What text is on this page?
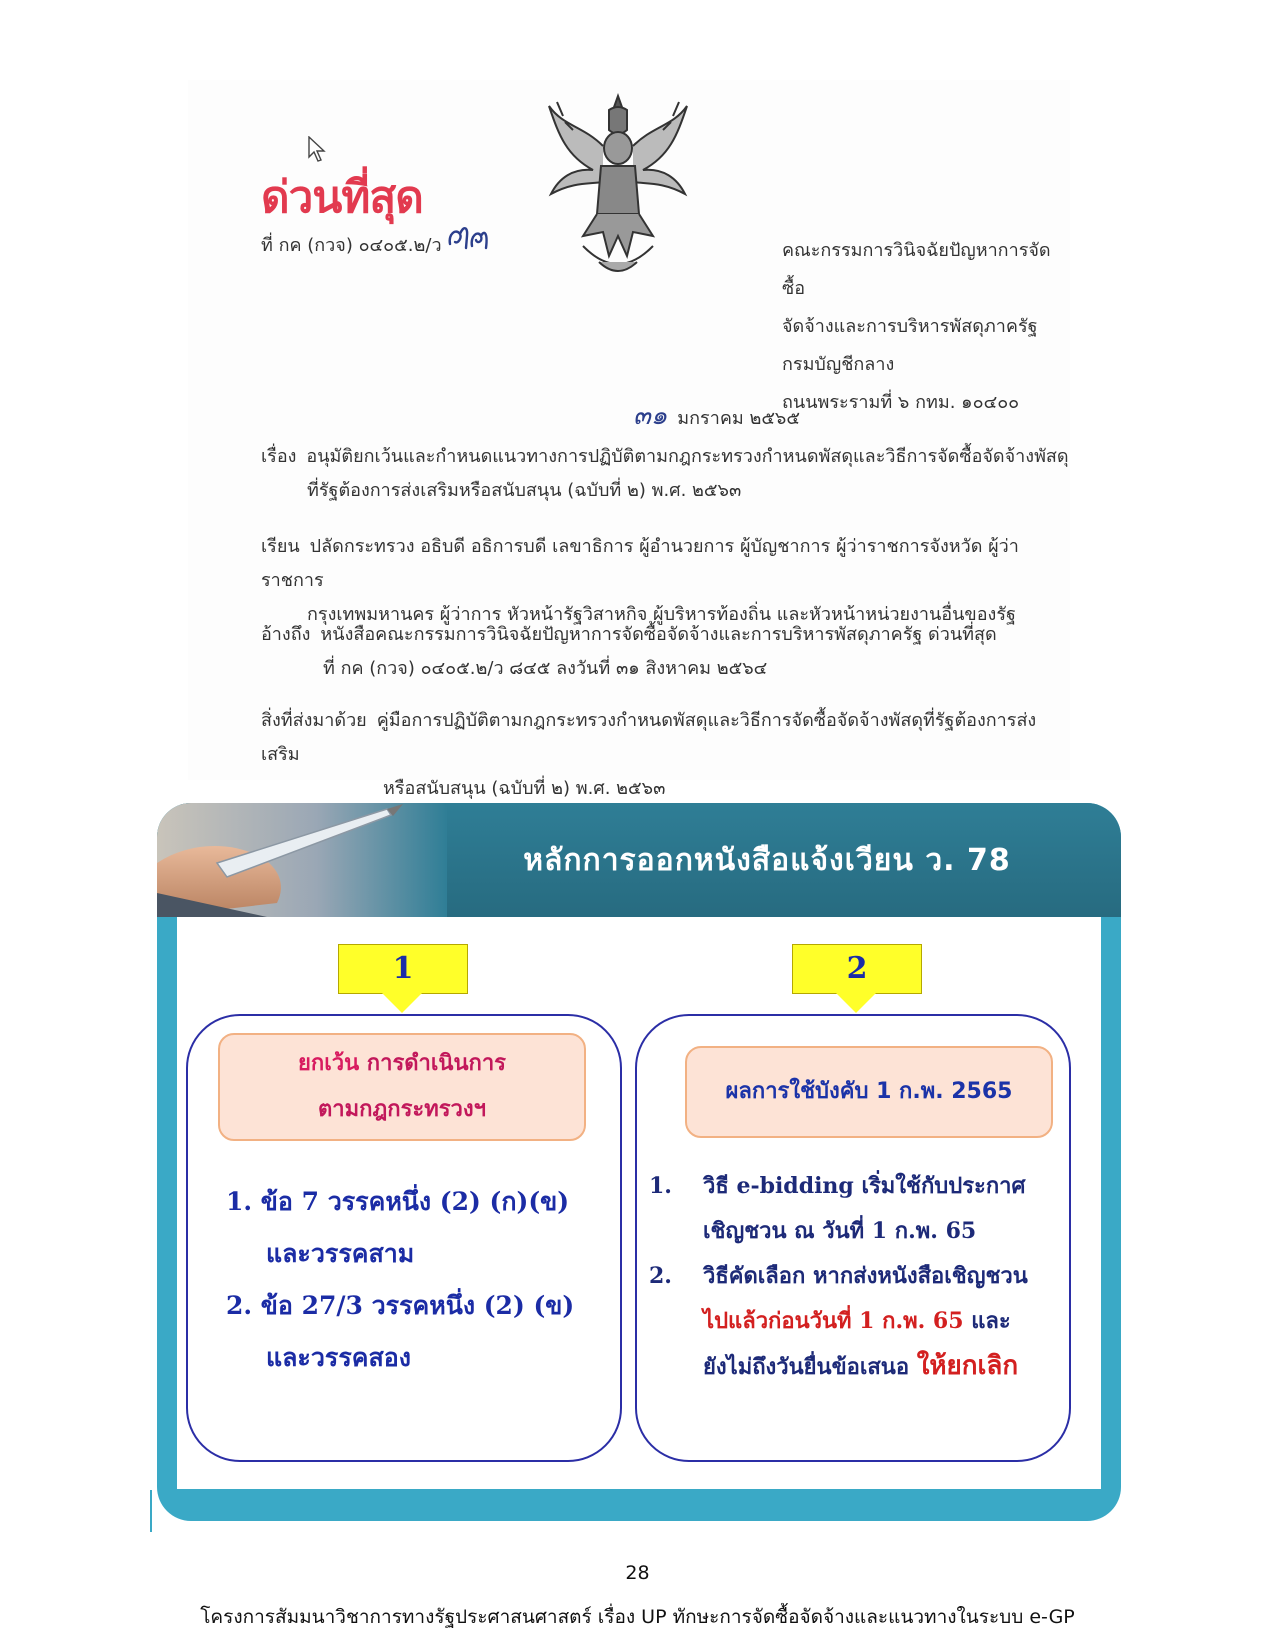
ด่วนที่สุด
ที่ กค (กวจ) ๐๔๐๕.๒/ว	คณะกรรมการวินิจฉัยปัญหาการจัดซื้อ
จัดจ้างและการบริหารพัสดุภาครัฐ
กรมบัญชีกลาง
ถนนพระรามที่ ๖ กทม. ๑๐๔๐๐
๓๑ มกราคม ๒๕๖๕
เรื่อง อนุมัติยกเว้นและกำหนดแนวทางการปฏิบัติตามกฎกระทรวงกำหนดพัสดุและวิธีการจัดซื้อจัดจ้างพัสดุ
ที่รัฐต้องการส่งเสริมหรือสนับสนุน (ฉบับที่ ๒) พ.ศ. ๒๕๖๓
เรียน ปลัดกระทรวง อธิบดี อธิการบดี เลขาธิการ ผู้อำนวยการ ผู้บัญชาการ ผู้ว่าราชการจังหวัด ผู้ว่าราชการ
กรุงเทพมหานคร ผู้ว่าการ หัวหน้ารัฐวิสาหกิจ ผู้บริหารท้องถิ่น และหัวหน้าหน่วยงานอื่นของรัฐ
อ้างถึง หนังสือคณะกรรมการวินิจฉัยปัญหาการจัดซื้อจัดจ้างและการบริหารพัสดุภาครัฐ ด่วนที่สุด
ที่ กค (กวจ) ๐๔๐๕.๒/ว ๘๔๕ ลงวันที่ ๓๑ สิงหาคม ๒๕๖๔
สิ่งที่ส่งมาด้วย คู่มือการปฏิบัติตามกฎกระทรวงกำหนดพัสดุและวิธีการจัดซื้อจัดจ้างพัสดุที่รัฐต้องการส่งเสริม
หรือสนับสนุน (ฉบับที่ ๒) พ.ศ. ๒๕๖๓
หลักการออกหนังสือแจ้งเวียน ว. 78
1	2
ยกเว้น การดำเนินการ
ตามกฎกระทรวงฯ
1. ข้อ 7 วรรคหนึ่ง (2) (ก)(ข)
และวรรคสาม
2. ข้อ 27/3 วรรคหนึ่ง (2) (ข)
และวรรคสอง
ผลการใช้บังคับ 1 ก.พ. 2565
1.	วิธี e-bidding เริ่มใช้กับประกาศ
เชิญชวน ณ วันที่ 1 ก.พ. 65
2.	วิธีคัดเลือก หากส่งหนังสือเชิญชวน
ไปแล้วก่อนวันที่ 1 ก.พ. 65 และ
ยังไม่ถึงวันยื่นข้อเสนอ ให้ยกเลิก
28
โครงการสัมมนาวิชาการทางรัฐประศาสนศาสตร์ เรื่อง UP ทักษะการจัดซื้อจัดจ้างและแนวทางในระบบ e-GP
